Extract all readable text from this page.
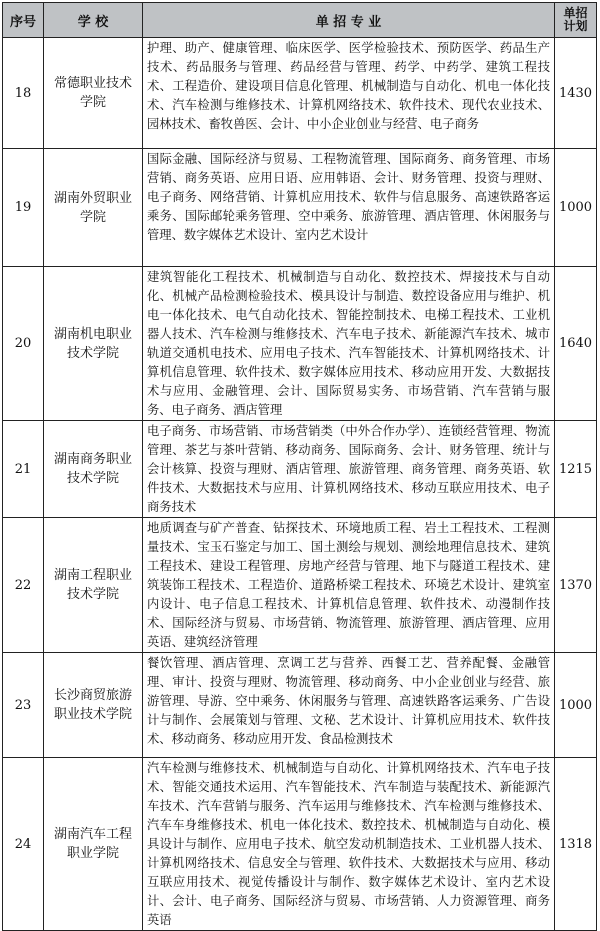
序号	学 校	单 招 专 业	单招
计划
18	常德职业技术学院	护理、助产、健康管理、临床医学、医学检验技术、预防医学、药品生产技术、药品服务与管理、药品经营与管理、药学、中药学、建筑工程技术、工程造价、建设项目信息化管理、机械制造与自动化、机电一体化技术、汽车检测与维修技术、计算机网络技术、软件技术、现代农业技术、园林技术、畜牧兽医、会计、中小企业创业与经营、电子商务	1430
19	湖南外贸职业学院	国际金融、国际经济与贸易、工程物流管理、国际商务、商务管理、市场营销、商务英语、应用日语、应用韩语、会计、财务管理、投资与理财、电子商务、网络营销、计算机应用技术、软件与信息服务、高速铁路客运乘务、国际邮轮乘务管理、空中乘务、旅游管理、酒店管理、休闲服务与管理、数字媒体艺术设计、室内艺术设计	1000
20	湖南机电职业技术学院	建筑智能化工程技术、机械制造与自动化、数控技术、焊接技术与自动化、机械产品检测检验技术、模具设计与制造、数控设备应用与维护、机电一体化技术、电气自动化技术、智能控制技术、电梯工程技术、工业机器人技术、汽车检测与维修技术、汽车电子技术、新能源汽车技术、城市轨道交通机电技术、应用电子技术、汽车智能技术、计算机网络技术、计算机信息管理、软件技术、数字媒体应用技术、移动应用开发、大数据技术与应用、金融管理、会计、国际贸易实务、市场营销、汽车营销与服务、电子商务、酒店管理	1640
21	湖南商务职业技术学院	电子商务、市场营销、市场营销类（中外合作办学）、连锁经营管理、物流管理、茶艺与茶叶营销、移动商务、国际商务、会计、财务管理、统计与会计核算、投资与理财、酒店管理、旅游管理、商务管理、商务英语、软件技术、大数据技术与应用、计算机网络技术、移动互联应用技术、电子商务技术	1215
22	湖南工程职业技术学院	地质调查与矿产普查、钻探技术、环境地质工程、岩土工程技术、工程测量技术、宝玉石鉴定与加工、国土测绘与规划、测绘地理信息技术、建筑工程技术、建设工程管理、房地产经营与管理、地下与隧道工程技术、建筑装饰工程技术、工程造价、道路桥梁工程技术、环境艺术设计、建筑室内设计、电子信息工程技术、计算机信息管理、软件技术、动漫制作技术、国际经济与贸易、市场营销、物流管理、旅游管理、酒店管理、应用英语、建筑经济管理	1370
23	长沙商贸旅游职业技术学院	餐饮管理、酒店管理、烹调工艺与营养、西餐工艺、营养配餐、金融管理、审计、投资与理财、物流管理、移动商务、中小企业创业与经营、旅游管理、导游、空中乘务、休闲服务与管理、高速铁路客运乘务、广告设计与制作、会展策划与管理、文秘、艺术设计、计算机应用技术、软件技术、移动商务、移动应用开发、食品检测技术	1000
24	湖南汽车工程职业学院	汽车检测与维修技术、机械制造与自动化、计算机网络技术、汽车电子技术、智能交通技术运用、汽车智能技术、汽车制造与装配技术、新能源汽车技术、汽车营销与服务、汽车运用与维修技术、汽车检测与维修技术、汽车车身维修技术、机电一体化技术、数控技术、机械制造与自动化、模具设计与制作、应用电子技术、航空发动机制造技术、工业机器人技术、计算机网络技术、信息安全与管理、软件技术、大数据技术与应用、移动互联应用技术、视觉传播设计与制作、数字媒体艺术设计、室内艺术设计、会计、电子商务、国际经济与贸易、市场营销、人力资源管理、商务英语	1318
